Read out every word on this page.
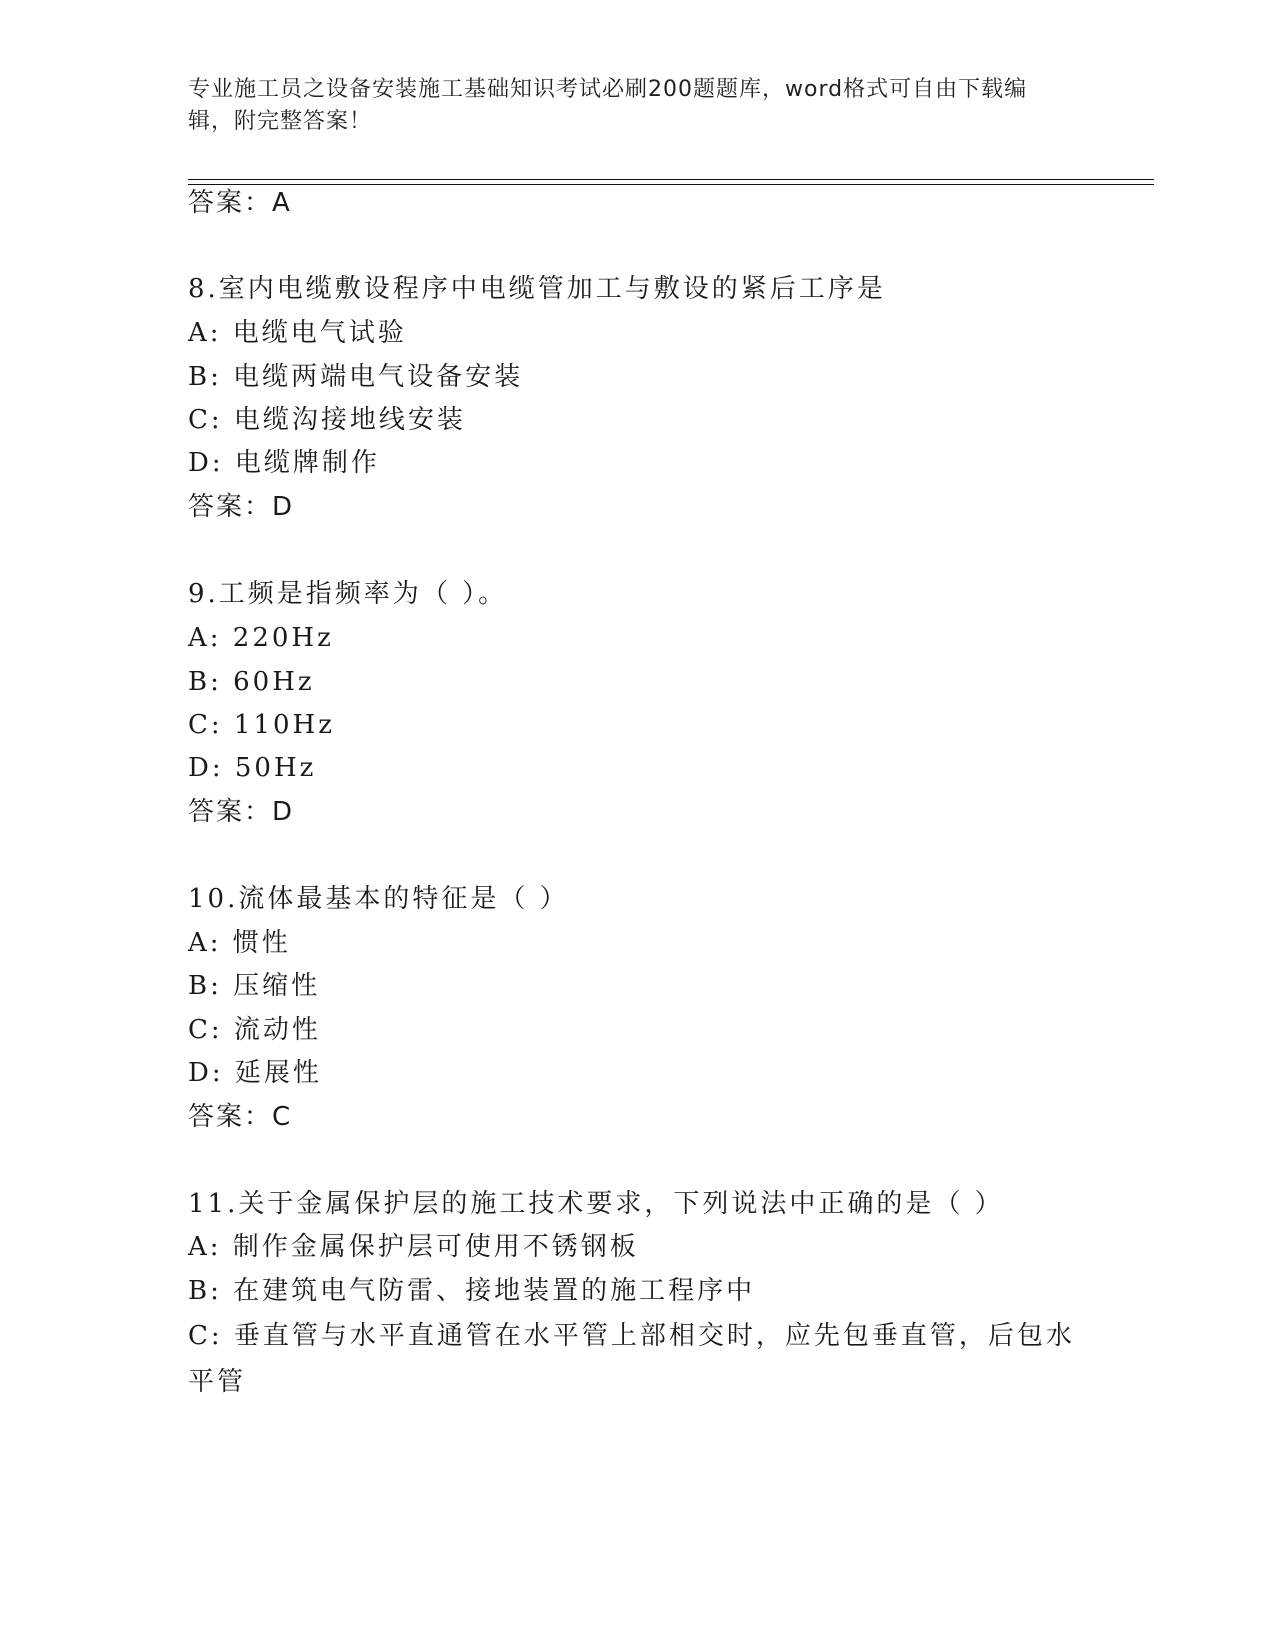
专业施工员之设备安装施工基础知识考试必刷200题题库，word格式可自由下载编辑，附完整答案！
答案：A
8.室内电缆敷设程序中电缆管加工与敷设的紧后工序是
A: 电缆电气试验
B: 电缆两端电气设备安装
C: 电缆沟接地线安装
D: 电缆牌制作
答案：D
9.工频是指频率为（ ）。
A: 220Hz
B: 60Hz
C: 110Hz
D: 50Hz
答案：D
10.流体最基本的特征是（ ）
A: 惯性
B: 压缩性
C: 流动性
D: 延展性
答案：C
11.关于金属保护层的施工技术要求，下列说法中正确的是（ ）
A: 制作金属保护层可使用不锈钢板
B: 在建筑电气防雷、接地装置的施工程序中
C: 垂直管与水平直通管在水平管上部相交时，应先包垂直管，后包水平管
